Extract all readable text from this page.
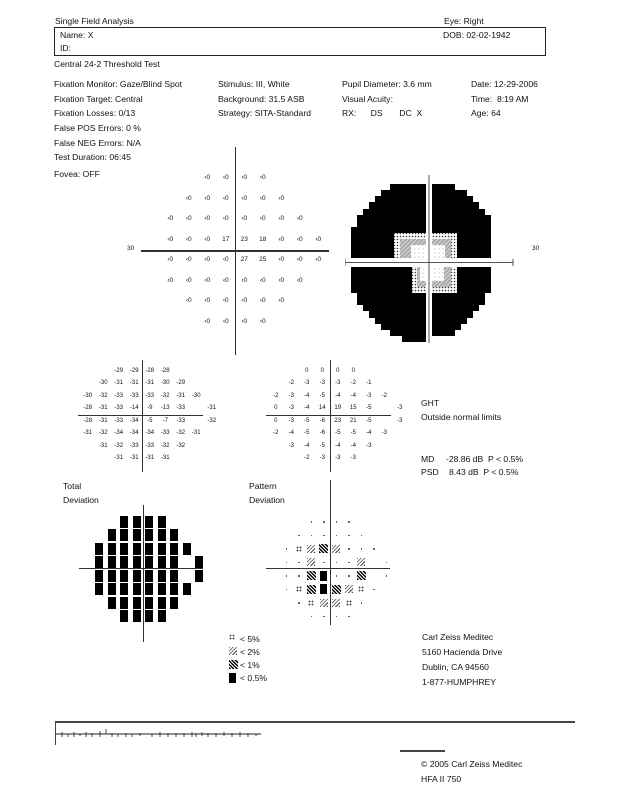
Single Field Analysis	Eye: Right
Name: X
ID:
DOB: 02-02-1942
Central 24-2 Threshold Test
Fixation Monitor: Gaze/Blind Spot
Fixation Target: Central
Fixation Losses: 0/13
False POS Errors: 0 %
False NEG Errors: N/A
Test Duration: 06:45
Fovea: OFF
Stimulus: III, White
Background: 31.5 ASB
Strategy: SITA-Standard
Pupil Diameter: 3.6 mm
Visual Acuity:
RX:      DS       DC  X
Date: 12-29-2006
Time:  8:19 AM
Age: 64
30
‹0	‹0	‹0	‹0
‹0	‹0	‹0	‹0	‹0	‹0
‹0	‹0	‹0	‹0	‹0	‹0	‹0	‹0
‹0	‹0	‹0	17	23	18	‹0	‹0	‹0
‹0	‹0	‹0	‹0	27	25	‹0	‹0	‹0
‹0	‹0	‹0	‹0	‹0	‹0	‹0	‹0
‹0	‹0	‹0	‹0	‹0	‹0
‹0	‹0	‹0	‹0
30
-29	-29	-28	-28
-30	-31	-31	-31	-30	-29
-30	-32	-33	-33	-33	-32	-31	-30
-28	-31	-33	-14	-9	-13	-33	-31
-28	-31	-33	-34	-5	-7	-33	-32
-31	-32	-34	-34	-34	-33	-32	-31
-31	-32	-33	-33	-32	-32
-31	-31	-31	-31
0	0	0	0
-2	-3	-3	-3	-2	-1
-2	-3	-4	-5	-4	-4	-3	-2
0	-3	-4	14	19	15	-5	-3
0	-3	-5	-6	23	21	-5	-3
-2	-4	-5	-6	-5	-5	-4	-3
-3	-4	-5	-4	-4	-3
-2	-3	-3	-3
GHT
Outside normal limits
MD -28.86 dB  P < 0.5%
PSD 8.43 dB  P < 0.5%
Total
Deviation
Pattern
Deviation
< 5%
< 2%
< 1%
< 0.5%
Carl Zeiss Meditec
5160 Hacienda Drive
Dublin, CA 94560
1-877-HUMPHREY
© 2005 Carl Zeiss Meditec
HFA II 750
